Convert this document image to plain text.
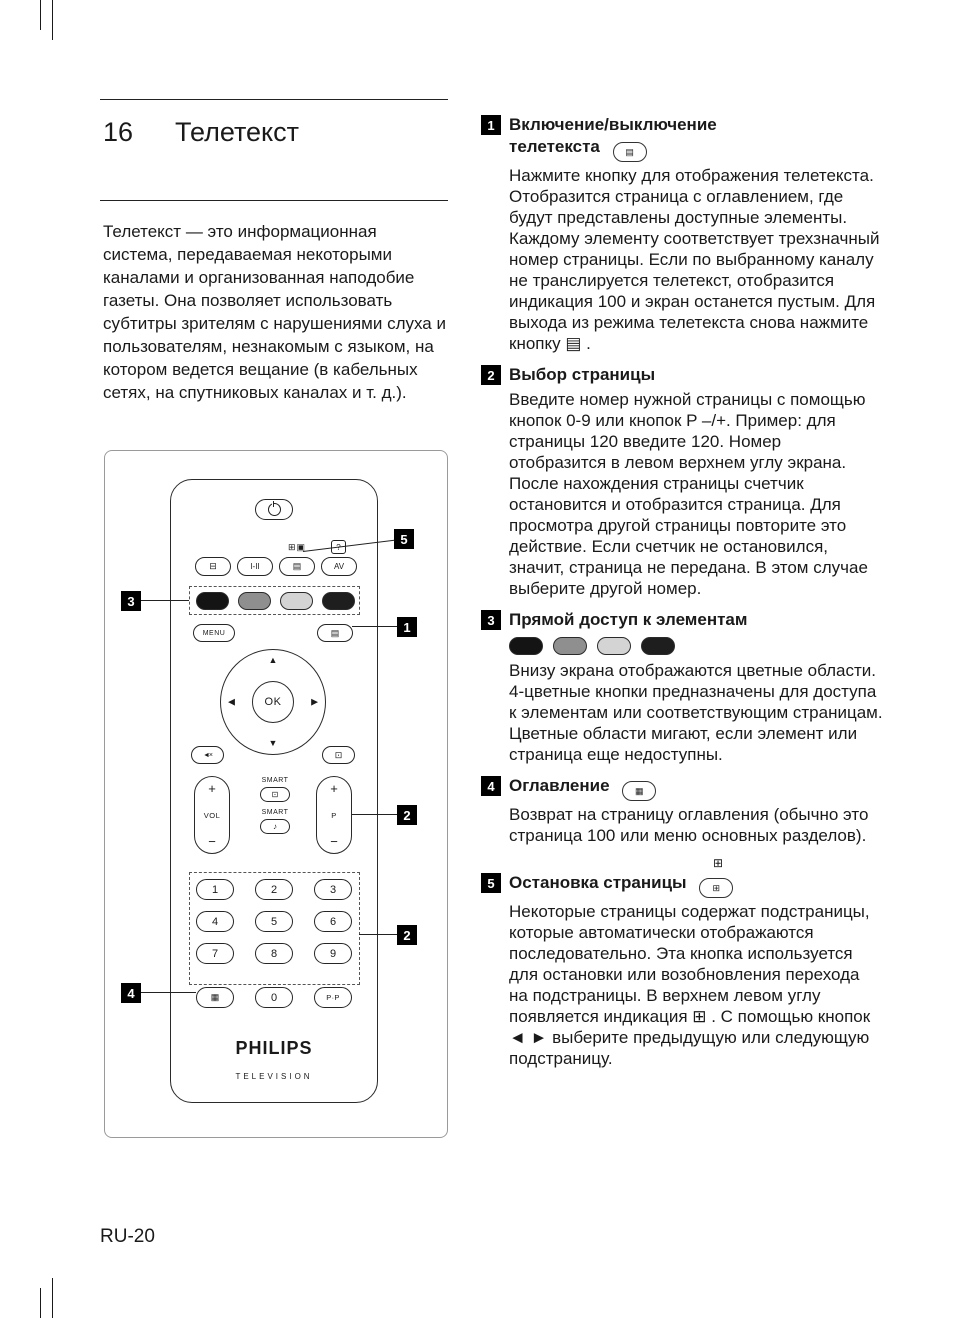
16	Телетекст

Телетекст — это информационная система, передаваемая некоторыми каналами и организованная наподобие газеты. Она позволяет использовать субтитры зрителям с нарушениями слуха и пользователям, незнакомым с языком, на котором ведется вещание (в кабельных сетях, на спутниковых каналах и т. д.).

⊞▣	?
⊟	I-II	▤	AV
MENU	▤
▲
▼
◀	▶
OK
◄×	⊡
+
VOL
−
SMART
⊡
SMART
♪
+
P
−
1	2	3
4	5	6
7	8	9
▦	0	P·P
PHILIPS
TELEVISION
5
3
1
2
2
4
1 Включение/выключение телетекста	▤

Нажмите кнопку для отображения телетекста. Отобразится страница с оглавлением, где будут представлены доступные элементы. Каждому элементу соответствует трехзначный номер страницы. Если по выбранному каналу не транслируется телетекст, отобразится индикация 100 и экран останется пустым. Для выхода из режима телетекста снова нажмите кнопку ▤ .

2 Выбор страницы

Введите номер нужной страницы с помощью кнопок 0-9 или кнопок P –/+. Пример: для страницы 120 введите 120. Номер отобразится в левом верхнем углу экрана. После нахождения страницы счетчик остановится и отобразится страница. Для просмотра другой страницы повторите это действие. Если счетчик не остановился, значит, страница не передана. В этом случае выберите другой номер.

3 Прямой доступ к элементам

Внизу экрана отображаются цветные области. 4-цветные кнопки предназначены для доступа к элементам или соответствующим страницам. Цветные области мигают, если элемент или страница еще недоступны.

4 Оглавление	▦

Возврат на страницу оглавления (обычно это страница 100 или меню основных разделов).

⊞
5 Остановка страницы	⊞

Некоторые страницы содержат подстраницы, которые автоматически отображаются последовательно. Эта кнопка используется для остановки или возобновления перехода на подстраницы. В верхнем левом углу появляется индикация ⊞ . С помощью кнопок ◄ ► выберите предыдущую или следующую подстраницу.

RU-20
